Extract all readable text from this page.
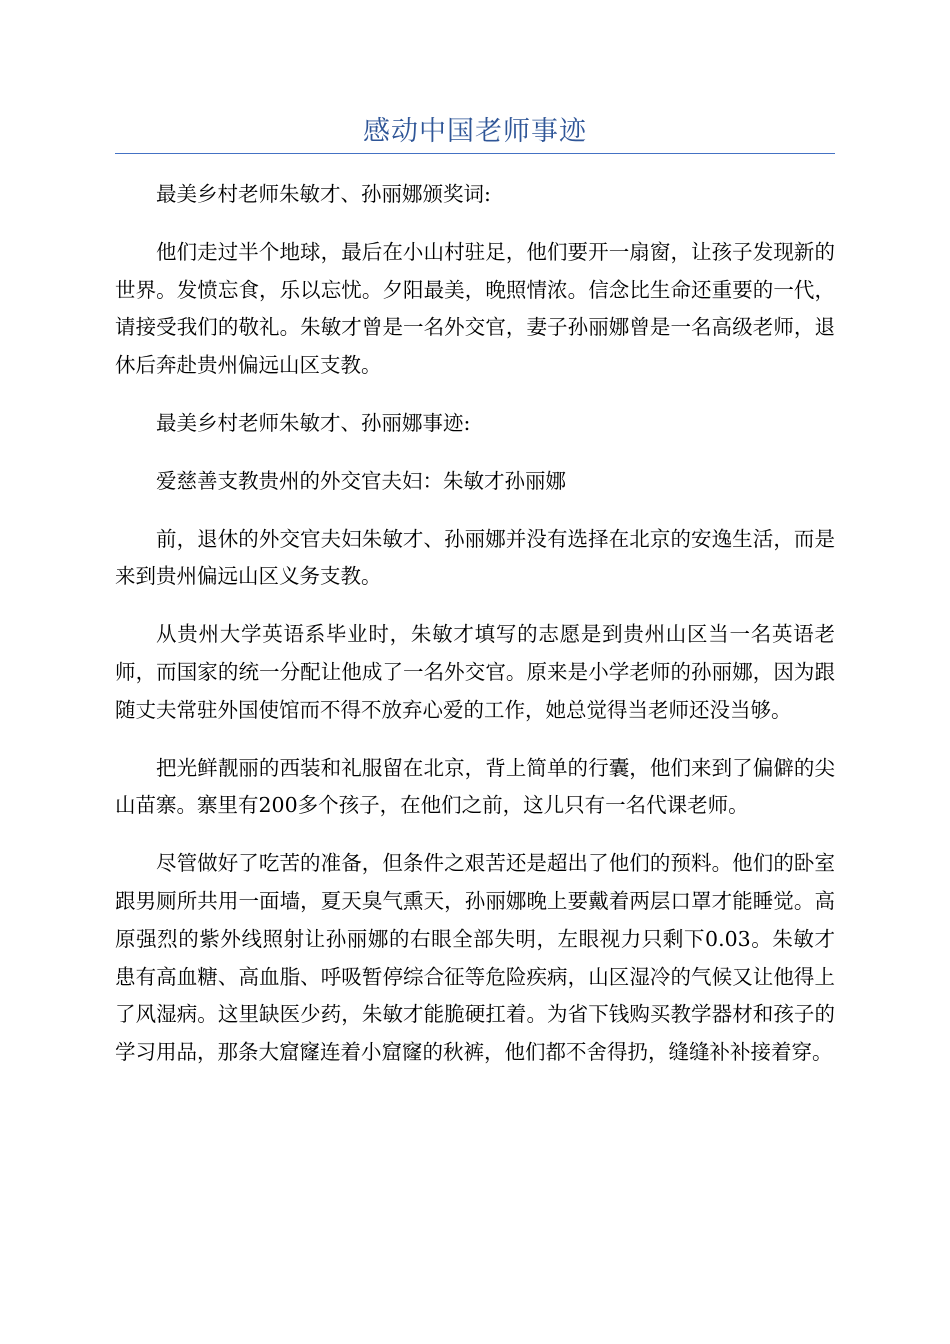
感动中国老师事迹

最美乡村老师朱敏才、孙丽娜颁奖词:

他们走过半个地球，最后在小山村驻足，他们要开一扇窗，让孩子发现新的世界。发愤忘食，乐以忘忧。夕阳最美，晚照情浓。信念比生命还重要的一代，请接受我们的敬礼。朱敏才曾是一名外交官，妻子孙丽娜曾是一名高级老师，退休后奔赴贵州偏远山区支教。

最美乡村老师朱敏才、孙丽娜事迹:

爱慈善支教贵州的外交官夫妇：朱敏才孙丽娜

前，退休的外交官夫妇朱敏才、孙丽娜并没有选择在北京的安逸生活，而是来到贵州偏远山区义务支教。

从贵州大学英语系毕业时，朱敏才填写的志愿是到贵州山区当一名英语老师，而国家的统一分配让他成了一名外交官。原来是小学老师的孙丽娜，因为跟随丈夫常驻外国使馆而不得不放弃心爱的工作，她总觉得当老师还没当够。

把光鲜靓丽的西装和礼服留在北京，背上简单的行囊，他们来到了偏僻的尖山苗寨。寨里有200多个孩子，在他们之前，这儿只有一名代课老师。

尽管做好了吃苦的准备，但条件之艰苦还是超出了他们的预料。他们的卧室跟男厕所共用一面墙，夏天臭气熏天，孙丽娜晚上要戴着两层口罩才能睡觉。高原强烈的紫外线照射让孙丽娜的右眼全部失明，左眼视力只剩下0.03。朱敏才患有高血糖、高血脂、呼吸暂停综合征等危险疾病，山区湿冷的气候又让他得上了风湿病。这里缺医少药，朱敏才能脆硬扛着。为省下钱购买教学器材和孩子的学习用品，那条大窟窿连着小窟窿的秋裤，他们都不舍得扔，缝缝补补接着穿。
